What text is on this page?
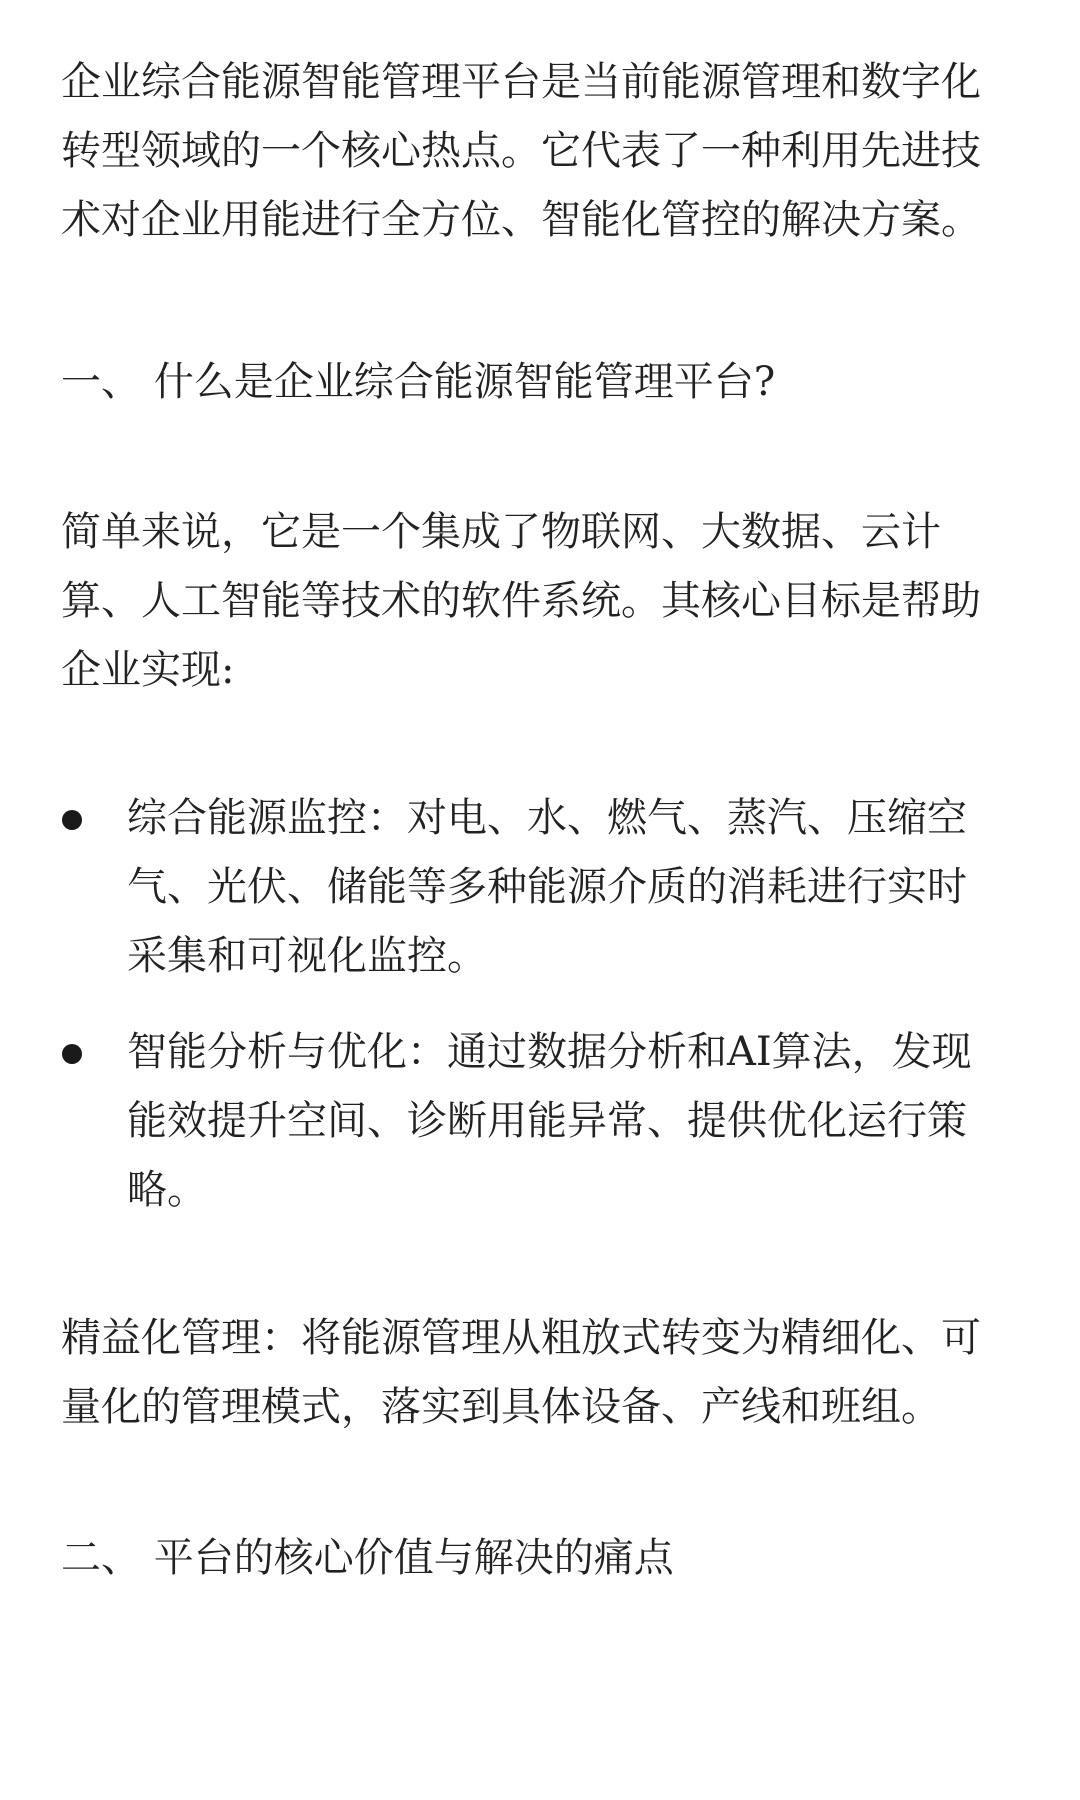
企业综合能源智能管理平台是当前能源管理和数字化
转型领域的一个核心热点。它代表了一种利用先进技
术对企业用能进行全方位、智能化管控的解决方案。

一、 什么是企业综合能源智能管理平台?

简单来说，它是一个集成了物联网、大数据、云计
算、人工智能等技术的软件系统。其核心目标是帮助
企业实现:

综合能源监控：对电、水、燃气、蒸汽、压缩空
气、光伏、储能等多种能源介质的消耗进行实时
采集和可视化监控。
智能分析与优化：通过数据分析和AI算法，发现
能效提升空间、诊断用能异常、提供优化运行策
略。

精益化管理：将能源管理从粗放式转变为精细化、可
量化的管理模式，落实到具体设备、产线和班组。

二、 平台的核心价值与解决的痛点
